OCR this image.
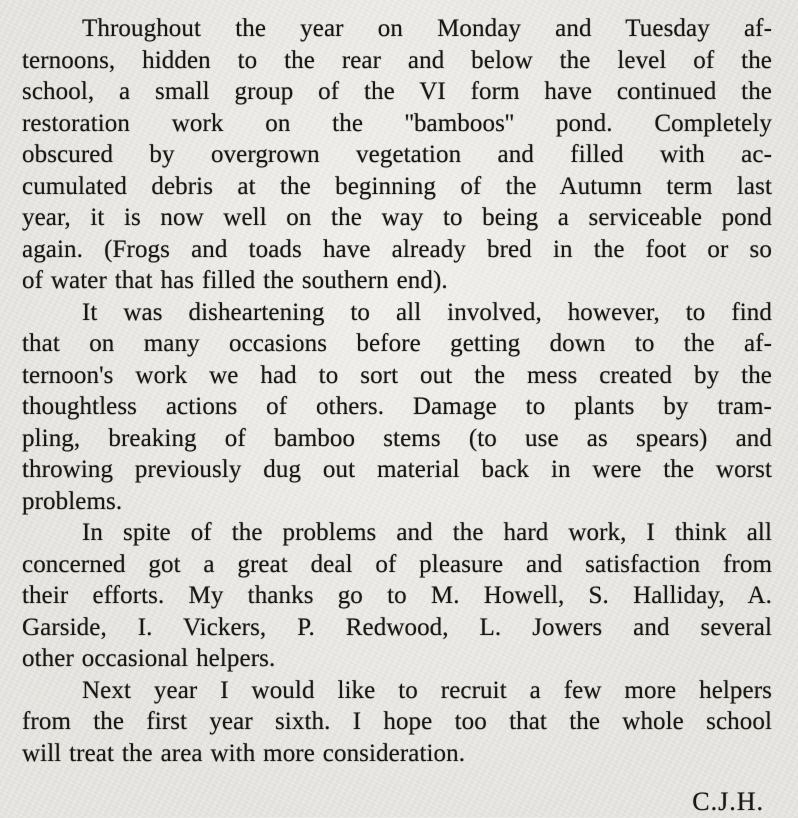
Throughout the year on Monday and Tuesday af-
ternoons, hidden to the rear and below the level of the
school, a small group of the VI form have continued the
restoration work on the ''bamboos'' pond. Completely
obscured by overgrown vegetation and filled with ac-
cumulated debris at the beginning of the Autumn term last
year, it is now well on the way to being a serviceable pond
again. (Frogs and toads have already bred in the foot or so
of water that has filled the southern end).
It was disheartening to all involved, however, to find
that on many occasions before getting down to the af-
ternoon's work we had to sort out the mess created by the
thoughtless actions of others. Damage to plants by tram-
pling, breaking of bamboo stems (to use as spears) and
throwing previously dug out material back in were the worst
problems.
In spite of the problems and the hard work, I think all
concerned got a great deal of pleasure and satisfaction from
their efforts. My thanks go to M. Howell, S. Halliday, A.
Garside, I. Vickers, P. Redwood, L. Jowers and several
other occasional helpers.
Next year I would like to recruit a few more helpers
from the first year sixth. I hope too that the whole school
will treat the area with more consideration.
C.J.H.
